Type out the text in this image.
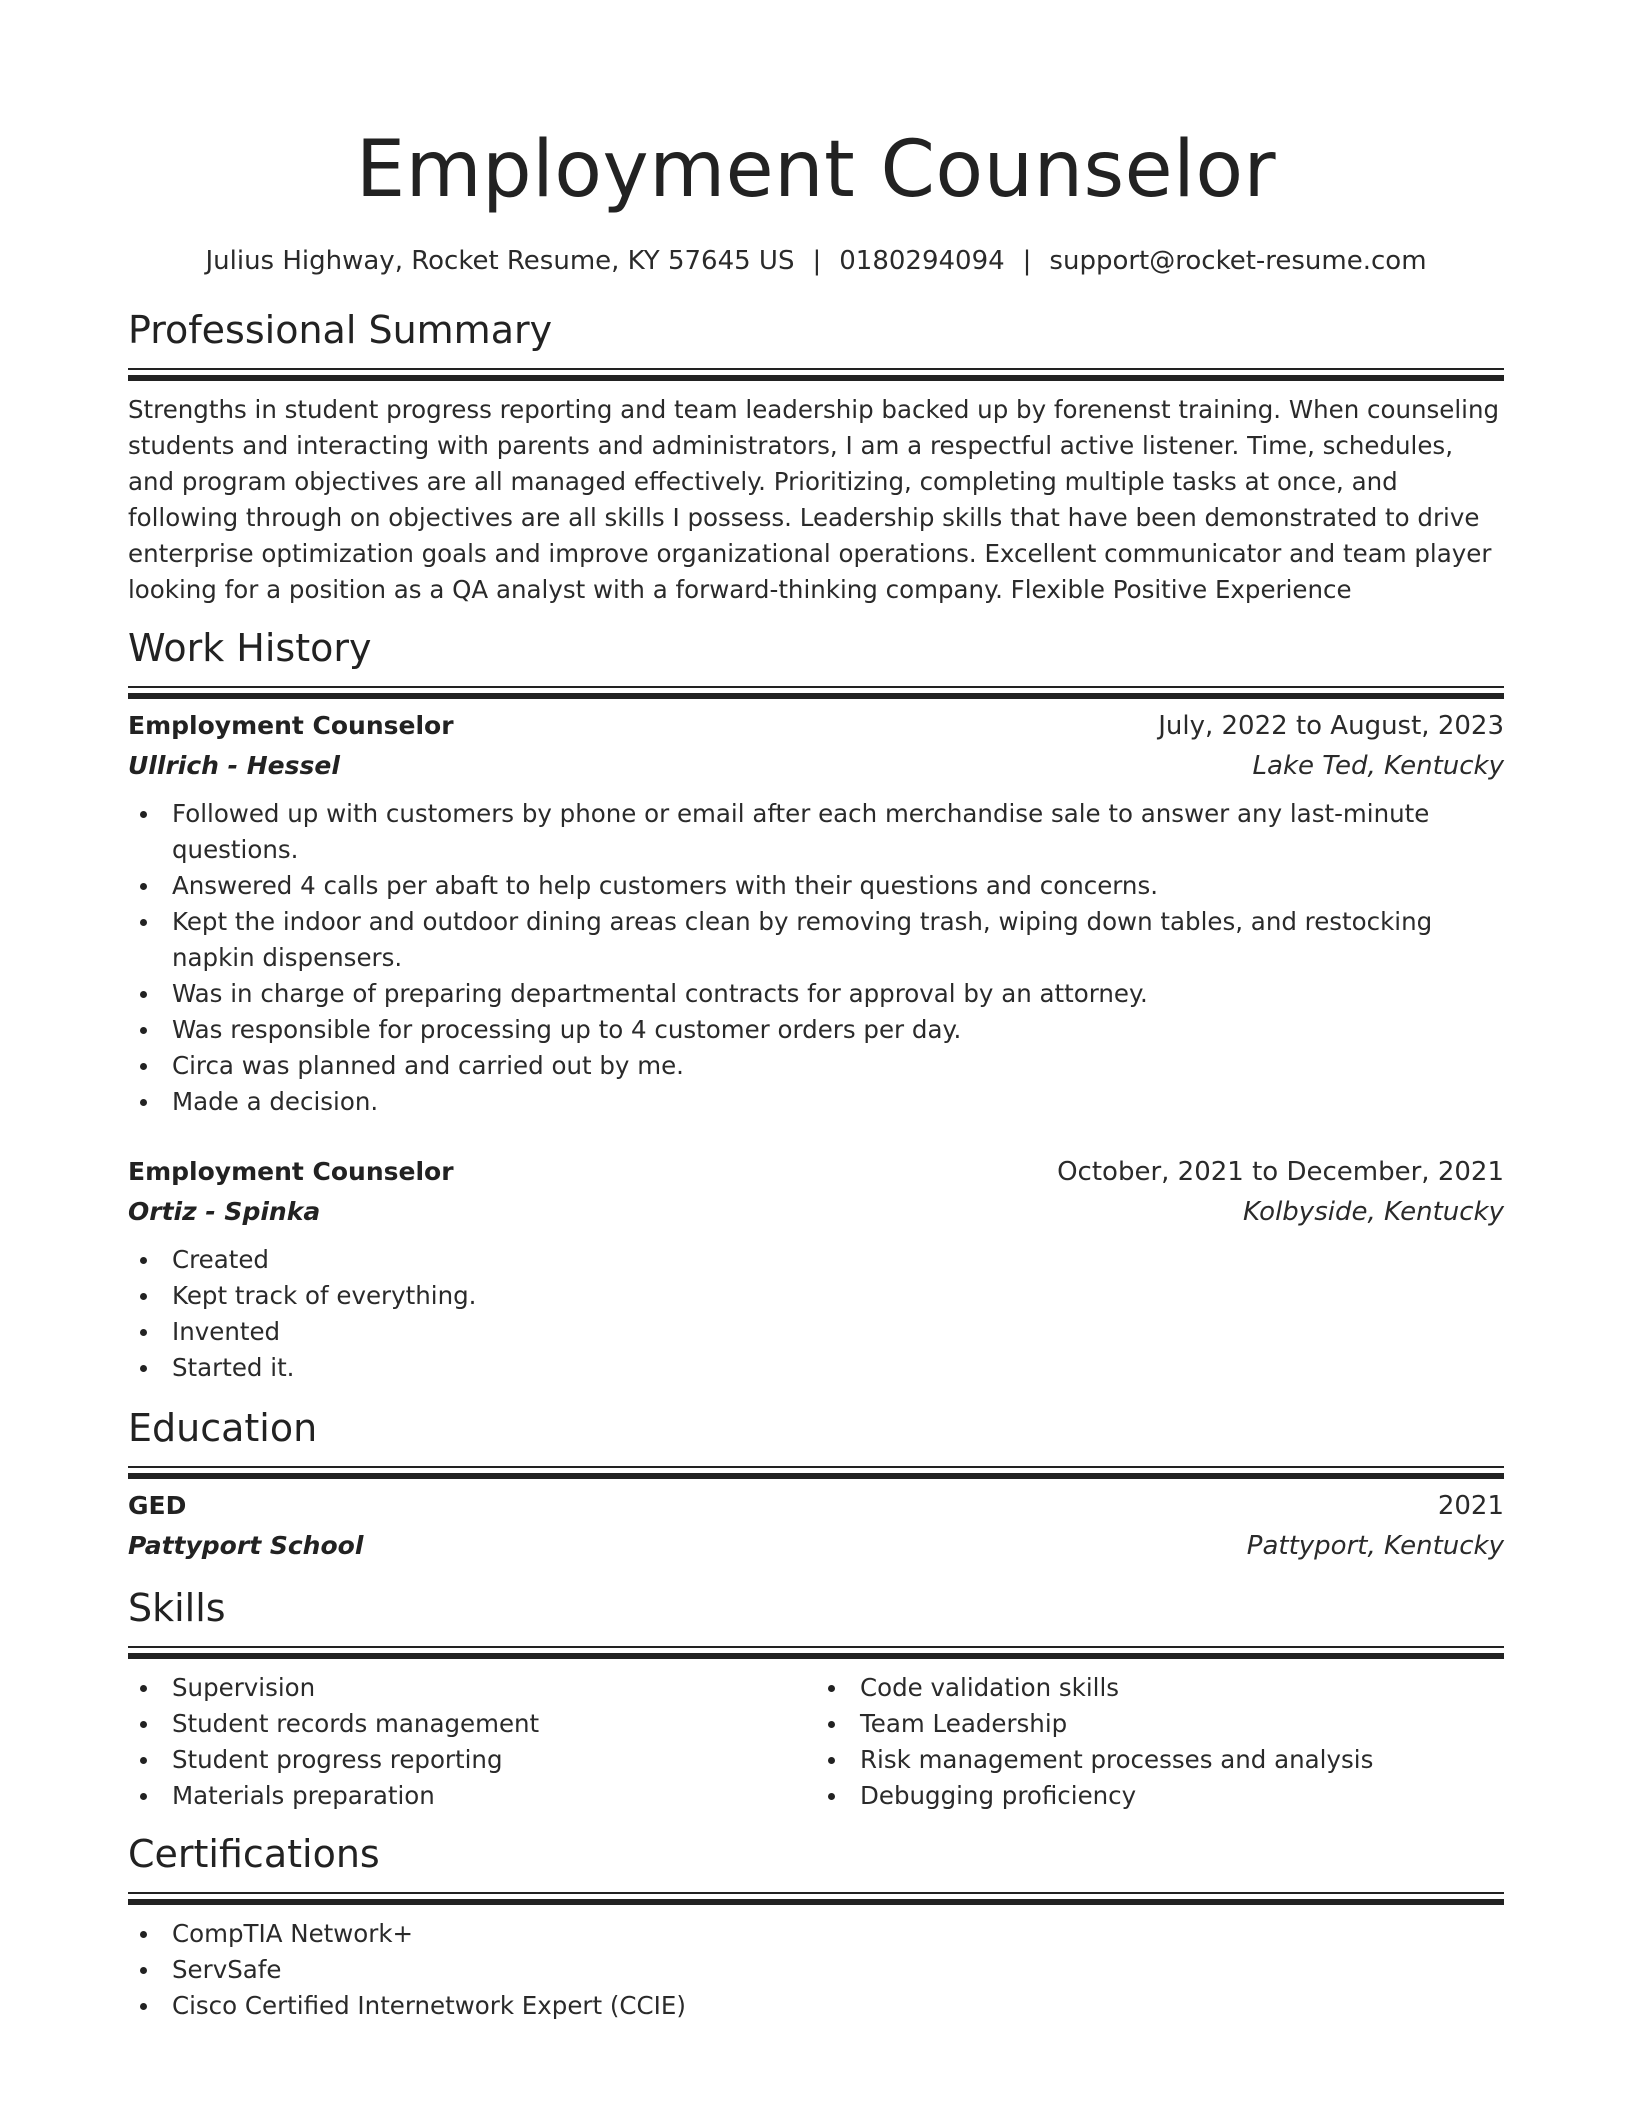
Employment Counselor
Julius Highway, Rocket Resume, KY 57645 US | 0180294094 | support@rocket-resume.com
Professional Summary
Strengths in student progress reporting and team leadership backed up by forenenst training. When counseling students and interacting with parents and administrators, I am a respectful active listener. Time, schedules, and program objectives are all managed effectively. Prioritizing, completing multiple tasks at once, and following through on objectives are all skills I possess. Leadership skills that have been demonstrated to drive enterprise optimization goals and improve organizational operations. Excellent communicator and team player looking for a position as a QA analyst with a forward-thinking company. Flexible Positive Experience
Work History
Employment Counselor	July, 2022 to August, 2023
Ullrich - Hessel	Lake Ted, Kentucky
Followed up with customers by phone or email after each merchandise sale to answer any last-minute questions.
Answered 4 calls per abaft to help customers with their questions and concerns.
Kept the indoor and outdoor dining areas clean by removing trash, wiping down tables, and restocking napkin dispensers.
Was in charge of preparing departmental contracts for approval by an attorney.
Was responsible for processing up to 4 customer orders per day.
Circa was planned and carried out by me.
Made a decision.
Employment Counselor	October, 2021 to December, 2021
Ortiz - Spinka	Kolbyside, Kentucky
Created
Kept track of everything.
Invented
Started it.
Education
GED	2021
Pattyport School	Pattyport, Kentucky
Skills
Supervision
Student records management
Student progress reporting
Materials preparation
Code validation skills
Team Leadership
Risk management processes and analysis
Debugging proficiency
Certifications
CompTIA Network+
ServSafe
Cisco Certified Internetwork Expert (CCIE)
